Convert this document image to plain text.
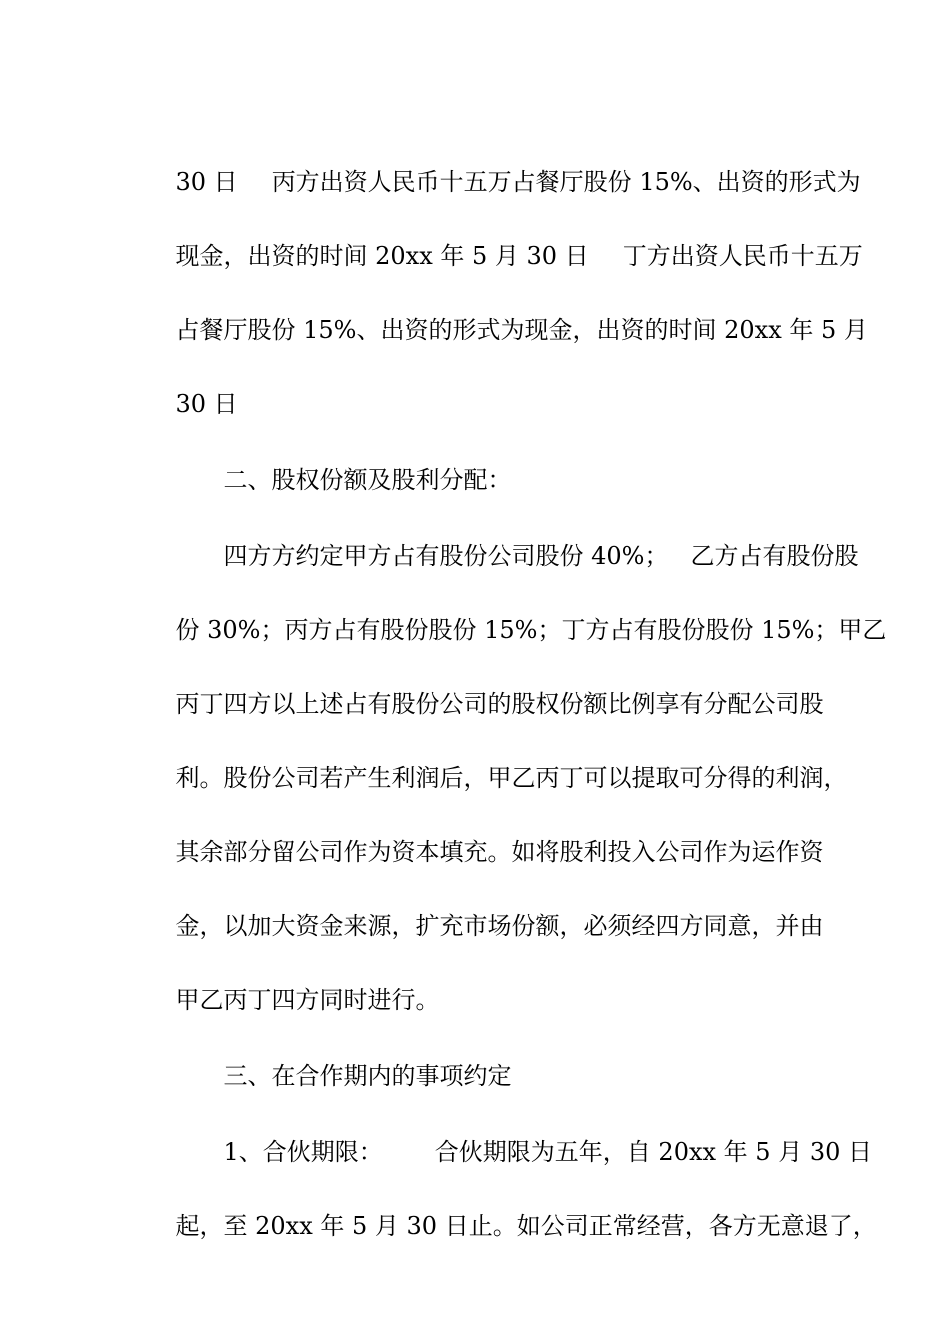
30 日 丙方出资人民币十五万占餐厅股份 15%、出资的形式为

现金，出资的时间 20xx 年 5 月 30 日 丁方出资人民币十五万

占餐厅股份 15%、出资的形式为现金，出资的时间 20xx 年 5 月

30 日

二、股权份额及股利分配：

四方方约定甲方占有股份公司股份 40%； 乙方占有股份股

份 30%；丙方占有股份股份 15%；丁方占有股份股份 15%；甲乙

丙丁四方以上述占有股份公司的股权份额比例享有分配公司股

利。股份公司若产生利润后，甲乙丙丁可以提取可分得的利润，

其余部分留公司作为资本填充。如将股利投入公司作为运作资

金，以加大资金来源，扩充市场份额，必须经四方同意，并由

甲乙丙丁四方同时进行。

三、在合作期内的事项约定

1、合伙期限： 合伙期限为五年，自 20xx 年 5 月 30 日

起，至 20xx 年 5 月 30 日止。如公司正常经营，各方无意退了，
